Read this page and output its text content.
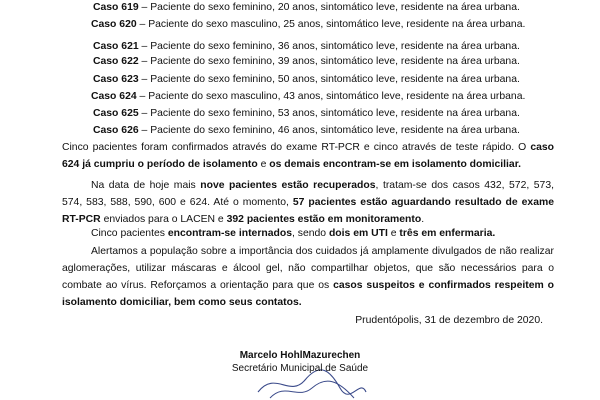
Caso 619 – Paciente do sexo feminino, 20 anos, sintomático leve, residente na área urbana.
Caso 620 – Paciente do sexo masculino, 25 anos, sintomático leve, residente na área urbana.
Caso 621 – Paciente do sexo feminino, 36 anos, sintomático leve, residente na área urbana.
Caso 622 – Paciente do sexo feminino, 39 anos, sintomático leve, residente na área urbana.
Caso 623 – Paciente do sexo feminino, 50 anos, sintomático leve, residente na área urbana.
Caso 624 – Paciente do sexo masculino, 43 anos, sintomático leve, residente na área urbana.
Caso 625 – Paciente do sexo feminino, 53 anos, sintomático leve, residente na área urbana.
Caso 626 – Paciente do sexo feminino, 46 anos, sintomático leve, residente na área urbana.

Cinco pacientes foram confirmados através do exame RT-PCR e cinco através de teste rápido. O caso 624 já cumpriu o período de isolamento e os demais encontram-se em isolamento domiciliar.

Na data de hoje mais nove pacientes estão recuperados, tratam-se dos casos 432, 572, 573, 574, 583, 588, 590, 600 e 624. Até o momento, 57 pacientes estão aguardando resultado de exame RT-PCR enviados para o LACEN e 392 pacientes estão em monitoramento.

Cinco pacientes encontram-se internados, sendo dois em UTI e três em enfermaria.

Alertamos a população sobre a importância dos cuidados já amplamente divulgados de não realizar aglomerações, utilizar máscaras e álcool gel, não compartilhar objetos, que são necessários para o combate ao vírus. Reforçamos a orientação para que os casos suspeitos e confirmados respeitem o isolamento domiciliar, bem como seus contatos.

Prudentópolis, 31 de dezembro de 2020.
Marcelo HohlMazurechen
Secretário Municipal de Saúde
